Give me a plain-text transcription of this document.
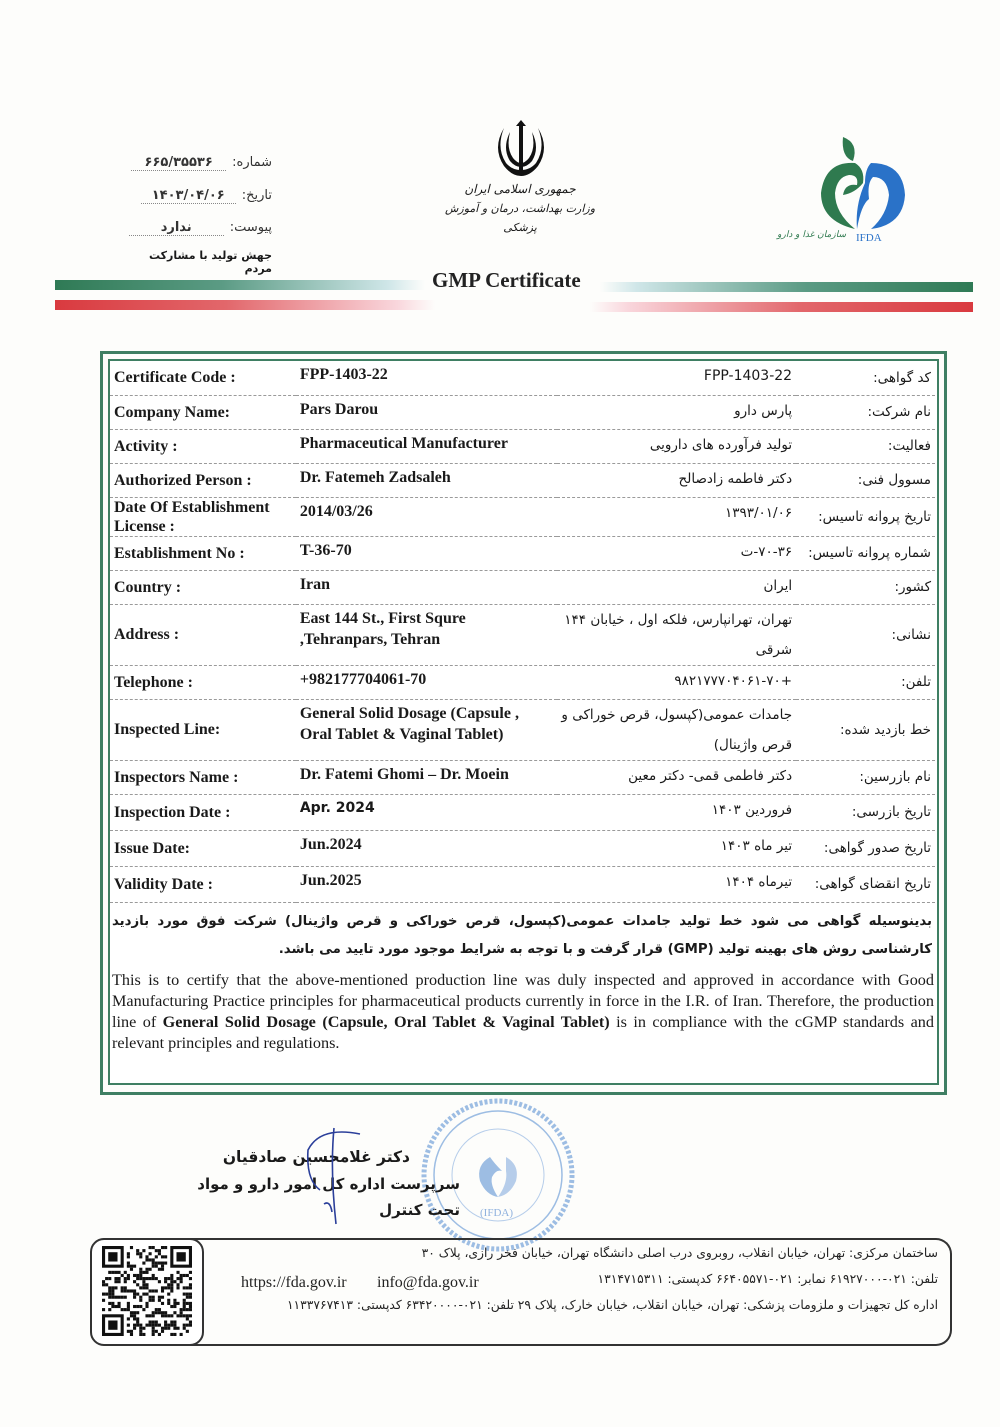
شماره:۶۶۵/۳۵۵۳۶
تاریخ:۱۴۰۳/۰۴/۰۶
پیوست:ندارد
جهش تولید با مشارکت مردم
جمهوری اسلامی ایران
وزارت بهداشت، درمان و آموزش پزشکی
سازمان غذا و دارو IFDA
GMP Certificate
Certificate Code :	FPP-1403-22	FPP-1403-22	کد گواهی:
Company Name:	Pars Darou	پارس دارو	نام شرکت:
Activity :	Pharmaceutical Manufacturer	تولید فرآورده های دارویی	فعالیت:
Authorized Person :	Dr. Fatemeh Zadsaleh	دکتر فاطمه زادصالح	مسوول فنی:
Date Of Establishment License :	2014/03/26	۱۳۹۳/۰۱/۰۶	تاریخ پروانه تاسیس:
Establishment No :	T-36-70	۷۰-۳۶-ت	شماره پروانه تاسیس:
Country :	Iran	ایران	کشور:
Address :	East 144 St., First Squre ,Tehranpars, Tehran	تهران، تهرانپارس، فلکه اول ، خیابان ۱۴۴ شرقی	نشانی:
Telephone :	+982177704061-70	+۹۸۲۱۷۷۷۰۴۰۶۱-۷۰	تلفن:
Inspected Line:	General Solid Dosage (Capsule , Oral Tablet & Vaginal Tablet)	جامدات عمومی(کپسول، قرص خوراکی و قرص واژینال)	خط بازدید شده:
Inspectors Name :	Dr. Fatemi Ghomi – Dr. Moein	دکتر فاطمی قمی- دکتر معین	نام بازرسین:
Inspection Date :	Apr. 2024	فروردین ۱۴۰۳	تاریخ بازرسی:
Issue Date:	Jun.2024	تیر ماه ۱۴۰۳	تاریخ صدور گواهی:
Validity Date :	Jun.2025	تیرماه ۱۴۰۴	تاریخ انقضای گواهی:
بدینوسیله گواهی می شود خط تولید جامدات عمومی(کپسول، قرص خوراکی و قرص واژینال) شرکت فوق مورد بازدید کارشناسی روش های بهینه تولید (GMP) قرار گرفت و با توجه به شرایط موجود مورد تایید می باشد.
This is to certify that the above-mentioned production line was duly inspected and approved in accordance with Good Manufacturing Practice principles for pharmaceutical products currently in force in the I.R. of Iran. Therefore, the production line of General Solid Dosage (Capsule, Oral Tablet & Vaginal Tablet) is in compliance with the cGMP standards and relevant principles and regulations.
(IFDA)
دکتر غلامحسین صادقیان
سرپرست اداره کل امور دارو و مواد تحت کنترل
ساختمان مرکزی: تهران، خیابان انقلاب، روبروی درب اصلی دانشگاه تهران، خیابان فخر رازی، پلاک ۳۰
تلفن: ۰۲۱-۶۱۹۲۷۰۰۰ نمابر: ۰۲۱-۶۶۴۰۵۵۷۱ کدپستی: ۱۳۱۴۷۱۵۳۱۱
info@fda.gov.ir
https://fda.gov.ir
اداره کل تجهیزات و ملزومات پزشکی: تهران، خیابان انقلاب، خیابان خارک، پلاک ۲۹ تلفن: ۰۲۱-۶۳۴۲۰۰۰۰ کدپستی: ۱۱۳۳۷۶۷۴۱۳
